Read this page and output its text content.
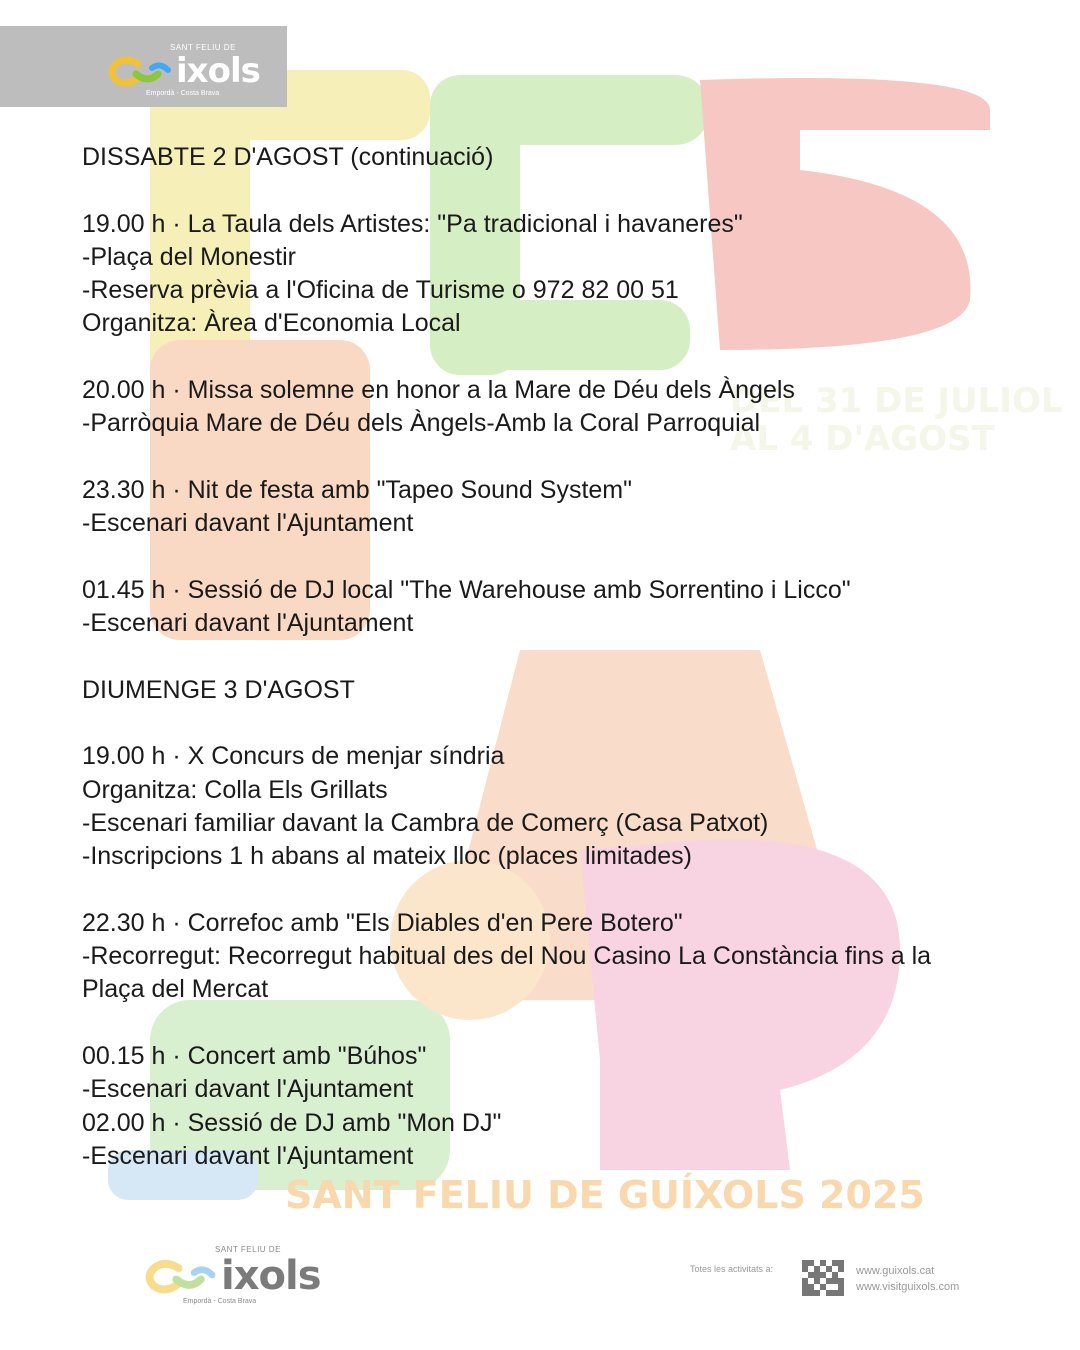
DEL 31 DE JULIOL
AL 4 D'AGOST
SANT FELIU DE GUÍXOLS 2025
SANT FELIU DE
ixols
Empordà - Costa Brava

DISSABTE 2 D'AGOST (continuació)

19.00 h · La Taula dels Artistes: "Pa tradicional i havaneres"

-Plaça del Monestir

-Reserva prèvia a l'Oficina de Turisme o 972 82 00 51

Organitza: Àrea d'Economia Local

20.00 h · Missa solemne en honor a la Mare de Déu dels Àngels

-Parròquia Mare de Déu dels Àngels-Amb la Coral Parroquial

23.30 h · Nit de festa amb "Tapeo Sound System"

-Escenari davant l'Ajuntament

01.45 h · Sessió de DJ local "The Warehouse amb Sorrentino i Licco"

-Escenari davant l'Ajuntament

DIUMENGE 3 D'AGOST

19.00 h · X Concurs de menjar síndria

Organitza: Colla Els Grillats

-Escenari familiar davant la Cambra de Comerç (Casa Patxot)

-Inscripcions 1 h abans al mateix lloc (places limitades)

22.30 h · Correfoc amb "Els Diables d'en Pere Botero"

-Recorregut: Recorregut habitual des del Nou Casino La Constància fins a la

Plaça del Mercat

00.15 h · Concert amb "Búhos"

-Escenari davant l'Ajuntament

02.00 h · Sessió de DJ amb "Mon DJ"

-Escenari davant l'Ajuntament

SANT FELIU DE
ixols
Empordà - Costa Brava
Totes les activitats a:	www.guixols.cat
www.visitguixols.com
